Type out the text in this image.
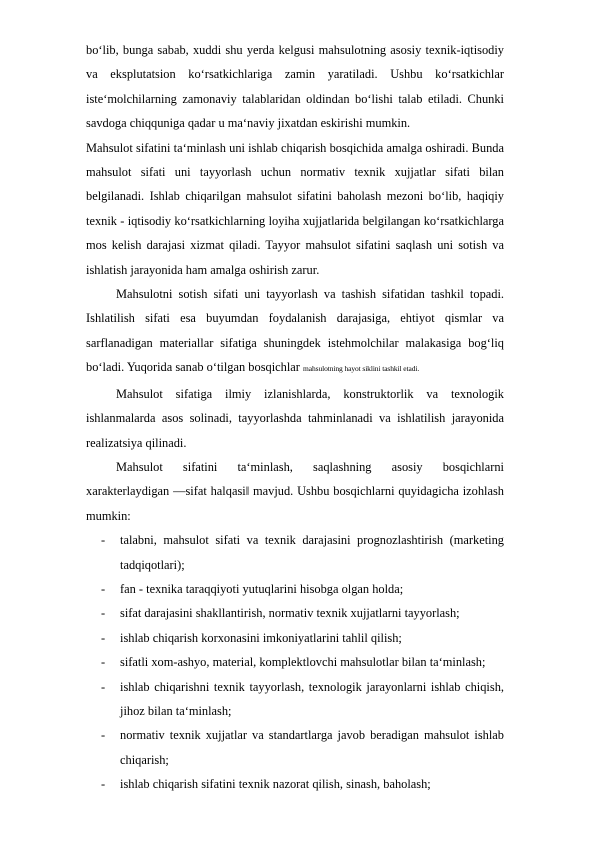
bo‘lib, bunga sabab, xuddi shu yerda kelgusi mahsulotning asosiy texnik-iqtisodiy va eksplutatsion ko‘rsatkichlariga zamin yaratiladi. Ushbu ko‘rsatkichlar iste‘molchilarning zamonaviy talablaridan oldindan bo‘lishi talab etiladi. Chunki savdoga chiqquniga qadar u ma‘naviy jixatdan eskirishi mumkin.

Mahsulot sifatini ta‘minlash uni ishlab chiqarish bosqichida amalga oshiradi. Bunda mahsulot sifati uni tayyorlash uchun normativ texnik xujjatlar sifati bilan belgilanadi. Ishlab chiqarilgan mahsulot sifatini baholash mezoni bo‘lib, haqiqiy texnik - iqtisodiy ko‘rsatkichlarning loyiha xujjatlarida belgilangan ko‘rsatkichlarga mos kelish darajasi xizmat qiladi. Tayyor mahsulot sifatini saqlash uni sotish va ishlatish jarayonida ham amalga oshirish zarur.

Mahsulotni sotish sifati uni tayyorlash va tashish sifatidan tashkil topadi. Ishlatilish sifati esa buyumdan foydalanish darajasiga, ehtiyot qismlar va sarflanadigan materiallar sifatiga shuningdek istehmolchilar malakasiga bog‘liq bo‘ladi. Yuqorida sanab o‘tilgan bosqichlar mahsulotning hayot siklini tashkil etadi.

Mahsulot sifatiga ilmiy izlanishlarda, konstruktorlik va texnologik ishlanmalarda asos solinadi, tayyorlashda tahminlanadi va ishlatilish jarayonida realizatsiya qilinadi.

Mahsulot sifatini ta‘minlash, saqlashning asosiy bosqichlarni xarakterlaydigan ―sifat halqasi‖ mavjud. Ushbu bosqichlarni quyidagicha izohlash mumkin:

- talabni, mahsulot sifati va texnik darajasini prognozlashtirish (marketing tadqiqotlari);
- fan - texnika taraqqiyoti yutuqlarini hisobga olgan holda;
- sifat darajasini shakllantirish, normativ texnik xujjatlarni tayyorlash;
- ishlab chiqarish korxonasini imkoniyatlarini tahlil qilish;
- sifatli xom-ashyo, material, komplektlovchi mahsulotlar bilan ta‘minlash;
- ishlab chiqarishni texnik tayyorlash, texnologik jarayonlarni ishlab chiqish, jihoz bilan ta‘minlash;
- normativ texnik xujjatlar va standartlarga javob beradigan mahsulot ishlab chiqarish;
- ishlab chiqarish sifatini texnik nazorat qilish, sinash, baholash;
